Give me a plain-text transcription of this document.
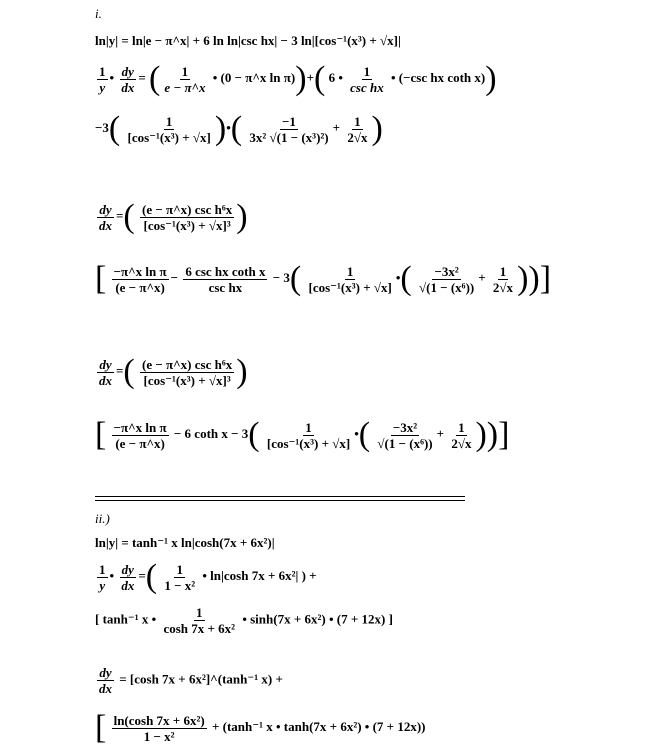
i.
ln|y| = ln|e − π^x| + 6 ln ln|csc hx| − 3 ln|[cos⁻¹(x³) + √x]|
$\frac{1}{y}$ • $\frac{dy}{dx}$ = ( $\frac{1}{e - \pi\^{}x}$ • (0 − π^x ln π))+( 6 • $\frac{1}{\text{csc hx}}$ • (−csc hx coth x))
$-3( \frac{1}{\text{[cos⁻¹(x³) + √x]}}$ )•( $\frac{-1}{\text{3x² √(1 − (x³)²)}} + \frac{1}{2√x}$ )
$\frac{dy}{dx}$ =( $\frac{\text{(e − π\textasciicircum{}x) csc h⁶x}}{\text{[cos⁻¹(x³) + √x]³}}$ )
[ $\frac{\text{−π\textasciicircum{}x ln π}}{(e - \pi\^{}x)} - \frac{\text{6 csc hx coth x}}{\text{csc hx}} - 3( \frac{1}{\text{[cos⁻¹(x³) + √x]}}$ •( $\frac{\text{−3x²}}{\text{√(1 − (x⁶))}} + \frac{1}{2√x}$ ))]
$\frac{dy}{dx}$ =( $\frac{\text{(e − π\textasciicircum{}x) csc h⁶x}}{\text{[cos⁻¹(x³) + √x]³}}$ )
[ $\frac{\text{−π\textasciicircum{}x ln π}}{(e - \pi\^{}x)} - 6$ coth $x - 3( \frac{1}{\text{[cos⁻¹(x³) + √x]}}$ •( $\frac{\text{−3x²}}{\text{√(1 − (x⁶))}} + \frac{1}{2√x}$ ))]
ii.)
ln|y| = tanh⁻¹ x ln|cosh(7x + 6x²)|
$\frac{1}{y}$ • $\frac{dy}{dx}$ =( $\frac{1}{\text{1 − x²}}$ • ln|cosh 7x + 6x²| ) +
[ tanh⁻¹ x • $\frac{1}{\text{cosh 7x + 6x²}}$ • sinh(7x + 6x²) • (7 + 12x) ]
$\frac{dy}{dx} = [\cosh$ 7x + 6x²]^(tanh⁻¹ x) +
[ $\frac{\text{ln(cosh 7x + 6x²)}}{\text{1 − x²}} + (\tanh^{-1}$ x • tanh(7x + 6x²) • (7 + 12x))
